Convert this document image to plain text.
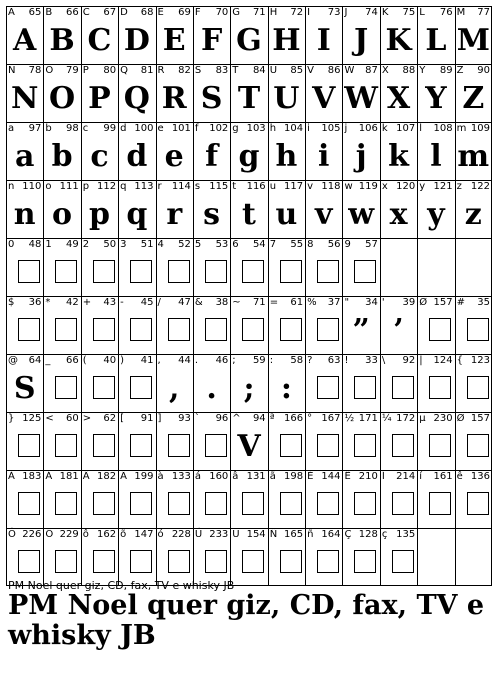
A 65
A
B 66
B
C 67
C
D 68
D
E 69
E
F 70
F
G 71
G
H 72
H
I 73
I
J 74
J
K 75
K
L 76
L
M 77
M
N 78
N
O 79
O
P 80
P
Q 81
Q
R 82
R
S 83
S
T 84
T
U 85
U
V 86
V
W 87
W
X 88
X
Y 89
Y
Z 90
Z
a 97
a
b 98
b
c 99
c
d 100
d
e 101
e
f 102
f
g 103
g
h 104
h
i 105
i
j 106
j
k 107
k
l 108
l
m 109
m
n 110
n
o 111
o
p 112
p
q 113
q
r 114
r
s 115
s
t 116
t
u 117
u
v 118
v
w 119
w
x 120
x
y 121
y
z 122
z
0 48 1 49 2 50 3 51 4 52 5 53 6 54 7 55 8 56 9 57
$ 36 * 42 + 43 - 45 / 47 & 38 ~ 71 = 61 % 37 " 34
”
' 39
’
Ø 157 # 35
@ 64
S
_ 66 ( 40 ) 41 , 44
,
. 46
.
; 59
;
: 58
:
? 63 ! 33 \ 92 | 124 { 123
} 125 < 60 > 62 [ 91 ] 93 ` 96 ^ 94
V
ª 166 ° 167 ½ 171 ¼ 172 µ 230 Ø 157
À 183 Á 181 Â 182 Ã 199 à 133 á 160 â 131 ã 198 É 144 Ê 210 Í 214 í 161 ê 136
Ô 226 Õ 229 ô 162 õ 147 ó 228 Ú 233 Ü 154 Ñ 165 ñ 164 Ç 128 ç 135
PM Noel quer giz, CD, fax, TV e whisky JB
PM Noel quer giz, CD, fax, TV e whisky JB
